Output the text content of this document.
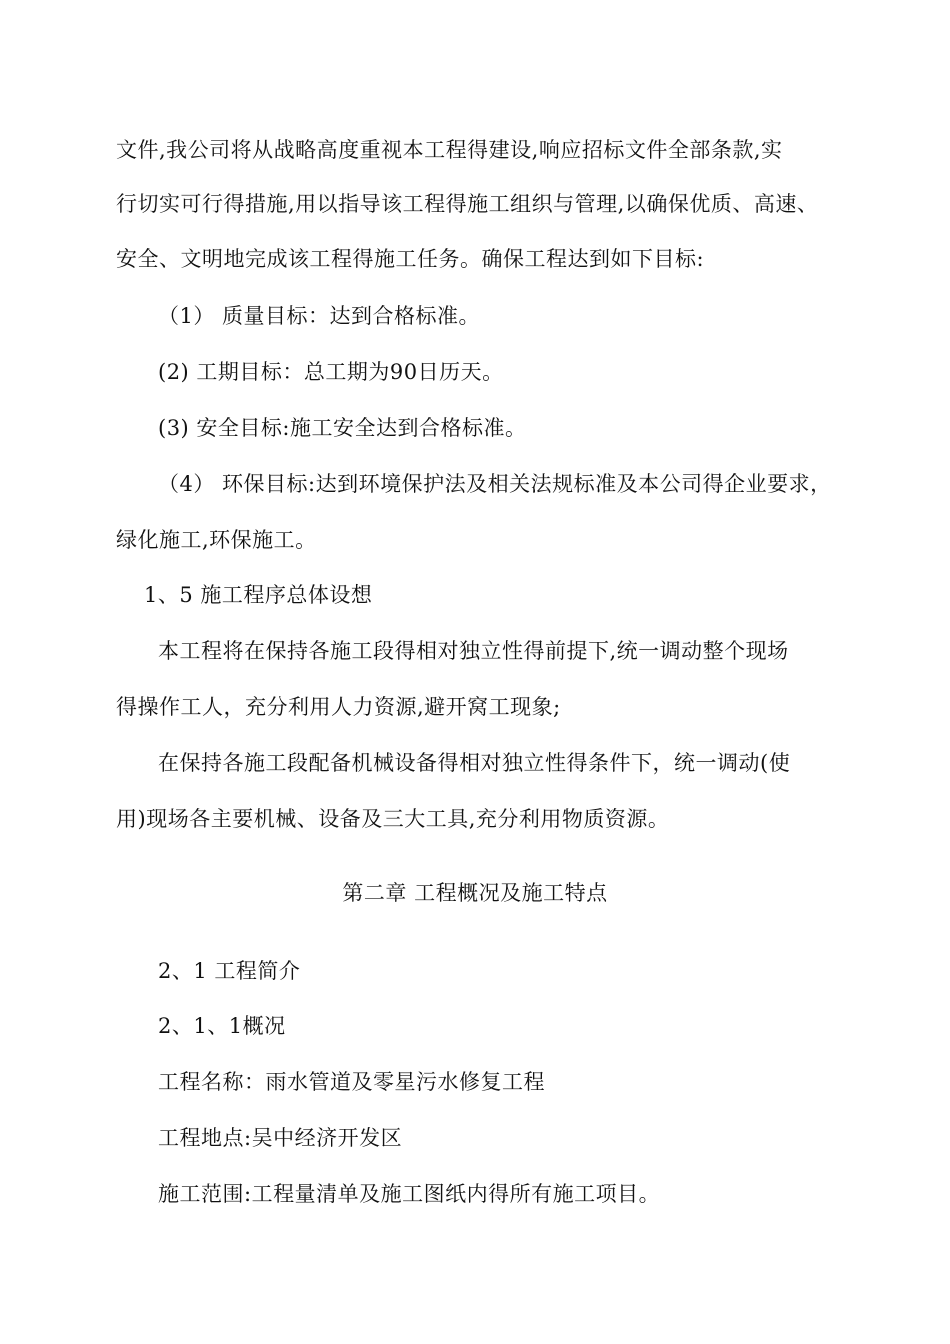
文件,我公司将从战略高度重视本工程得建设,响应招标文件全部条款,实
行切实可行得措施,用以指导该工程得施工组织与管理,以确保优质、高速、
安全、文明地完成该工程得施工任务。确保工程达到如下目标:
（1） 质量目标：达到合格标准。
(2) 工期目标：总工期为90日历天。
(3) 安全目标:施工安全达到合格标准。
（4） 环保目标:达到环境保护法及相关法规标准及本公司得企业要求，
绿化施工,环保施工。
1、5 施工程序总体设想
本工程将在保持各施工段得相对独立性得前提下,统一调动整个现场
得操作工人，充分利用人力资源,避开窝工现象;
在保持各施工段配备机械设备得相对独立性得条件下，统一调动(使
用)现场各主要机械、设备及三大工具,充分利用物质资源。
第二章 工程概况及施工特点
2、1 工程简介
2、1、1概况
工程名称：雨水管道及零星污水修复工程
工程地点:吴中经济开发区
施工范围:工程量清单及施工图纸内得所有施工项目。
